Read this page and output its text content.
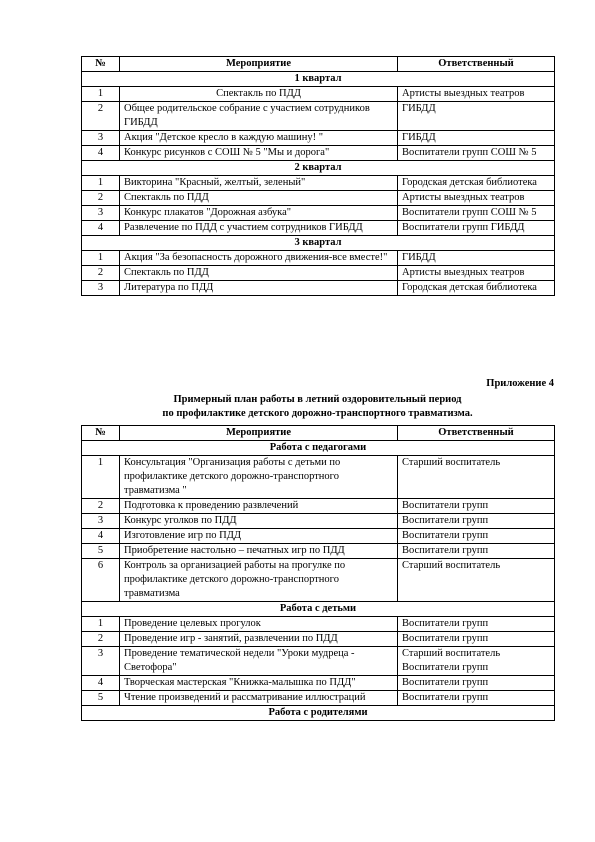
№	Мероприятие	Ответственный
1 квартал		
1	Спектакль по ПДД	Артисты выездных театров
2	Общее родительское собрание с участием сотрудников ГИБДД	ГИБДД
3	Акция "Детское кресло в каждую машину! "	ГИБДД
4	Конкурс рисунков с СОШ № 5 "Мы и дорога"	Воспитатели групп СОШ № 5
2 квартал		
1	Викторина "Красный, желтый, зеленый"	Городская детская библиотека
2	Спектакль по ПДД	Артисты выездных театров
3	Конкурс плакатов "Дорожная азбука"	Воспитатели групп СОШ № 5
4	Развлечение по ПДД с участием сотрудников ГИБДД	Воспитатели групп ГИБДД
3 квартал		
1	Акция "За безопасность дорожного движения-все вместе!"	ГИБДД
2	Спектакль по ПДД	Артисты выездных театров
3	Литература по ПДД	Городская детская библиотека
Приложение 4
Примерный план работы в летний оздоровительный период
по профилактике детского дорожно-транспортного травматизма.
№	Мероприятие	Ответственный
Работа с педагогами		
1	Консультация "Организация работы с детьми по профилактике детского дорожно-транспортного травматизма "	Старший воспитатель
2	Подготовка к проведению развлечений	Воспитатели групп
3	Конкурс уголков по ПДД	Воспитатели групп
4	Изготовление игр по ПДД	Воспитатели групп
5	Приобретение настольно – печатных игр по ПДД	Воспитатели групп
6	Контроль за организацией работы на прогулке по профилактике детского дорожно-транспортного травматизма	Старший воспитатель
Работа с детьми		
1	Проведение целевых прогулок	Воспитатели групп
2	Проведение игр - занятий, развлечении по ПДД	Воспитатели групп
3	Проведение тематической недели "Уроки мудреца - Светофора"	Старший воспитатель Воспитатели групп
4	Творческая мастерская "Книжка-малышка по ПДД"	Воспитатели групп
5	Чтение произведений и рассматривание иллюстраций	Воспитатели групп
Работа с родителями		
